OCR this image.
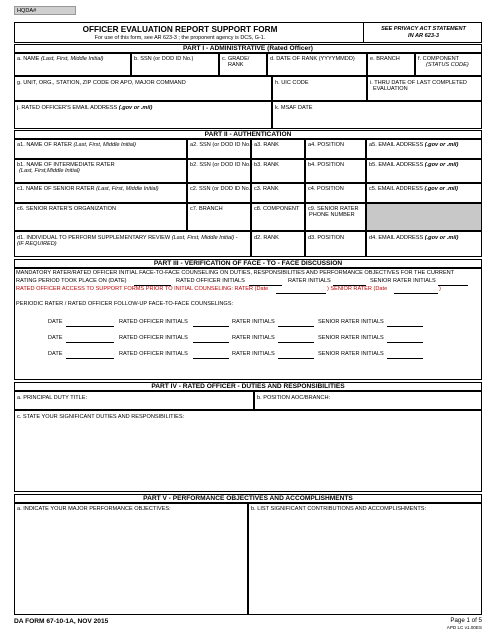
HQDA#
OFFICER EVALUATION REPORT SUPPORT FORM
For use of this form, see AR 623-3 ; the proponent agency is DCS, G-1.
SEE PRIVACY ACT STATEMENT
IN AR 623-3
PART I - ADMINISTRATIVE (Rated Officer)
a. NAME (Last, First, Middle Initial)	b. SSN (or DOD ID No.)	c. GRADE/
RANK
d. DATE OF RANK (YYYYMMDD)	e. BRANCH	f. COMPONENT
(STATUS CODE)
g. UNIT, ORG., STATION, ZIP CODE OR APO, MAJOR COMMAND	h. UIC CODE	i. THRU DATE OF LAST COMPLETED
EVALUATION
j. RATED OFFICER'S EMAIL ADDRESS (.gov or .mil)	k. MSAF DATE
PART II - AUTHENTICATION
a1. NAME OF RATER (Last, First, Middle Initial)	a2. SSN (or DOD ID No.) a3. RANK	a4. POSITION	a5. EMAIL ADDRESS (.gov or .mil)
b1. NAME OF INTERMEDIATE RATER
(Last, First,Middle Initial)
b2. SSN (or DOD ID No.) b3. RANK	b4. POSITION	b5. EMAIL ADDRESS (.gov or .mil)
c1. NAME OF SENIOR RATER (Last, First, Middle Initial)	c2. SSN (or DOD ID No.) c3. RANK	c4. POSITION	c5. EMAIL ADDRESS (.gov or .mil)
c6. SENIOR RATER'S ORGANIZATION	c7. BRANCH	c8. COMPONENT c9. SENIOR RATER
PHONE NUMBER
d1. INDIVIDUAL TO PERFORM SUPPLEMENTARY REVIEW (Last, First, Middle Initial) -
(IF REQUIRED)
d2. RANK	d3. POSITION	d4. EMAIL ADDRESS (.gov or .mil)
PART III - VERIFICATION OF FACE - TO - FACE DISCUSSION
MANDATORY RATER/RATED OFFICER INITIAL FACE-TO-FACE COUNSELING ON DUTIES, RESPONSIBILITIES AND PERFORMANCE OBJECTIVES FOR THE CURRENT
RATING PERIOD TOOK PLACE ON (DATE)	RATED OFFICER INITIALS	RATER INITIALS	SENIOR RATER INITIALS
RATED OFFICER ACCESS TO SUPPORT FORMS PRIOR TO INITIAL COUNSELING: RATER (Date	) SENIOR RATER (Date	)
PERIODIC RATER / RATED OFFICER FOLLOW-UP FACE-TO-FACE COUNSELINGS:
DATE	RATED OFFICER INITIALS	RATER INITIALS	SENIOR RATER INITIALS
DATE	RATED OFFICER INITIALS	RATER INITIALS	SENIOR RATER INITIALS
DATE	RATED OFFICER INITIALS	RATER INITIALS	SENIOR RATER INITIALS
PART IV - RATED OFFICER - DUTIES AND RESPONSIBILITIES
a. PRINCIPAL DUTY TITLE:	b. POSITION AOC/BRANCH:
c. STATE YOUR SIGNIFICANT DUTIES AND RESPONSIBILITIES:
PART V - PERFORMANCE OBJECTIVES AND ACCOMPLISHMENTS
a. INDICATE YOUR MAJOR PERFORMANCE OBJECTIVES:	b. LIST SIGNIFICANT CONTRIBUTIONS AND ACCOMPLISHMENTS:
DA FORM 67-10-1A, NOV 2015	Page 1 of 5
APD LC v1.00ES
